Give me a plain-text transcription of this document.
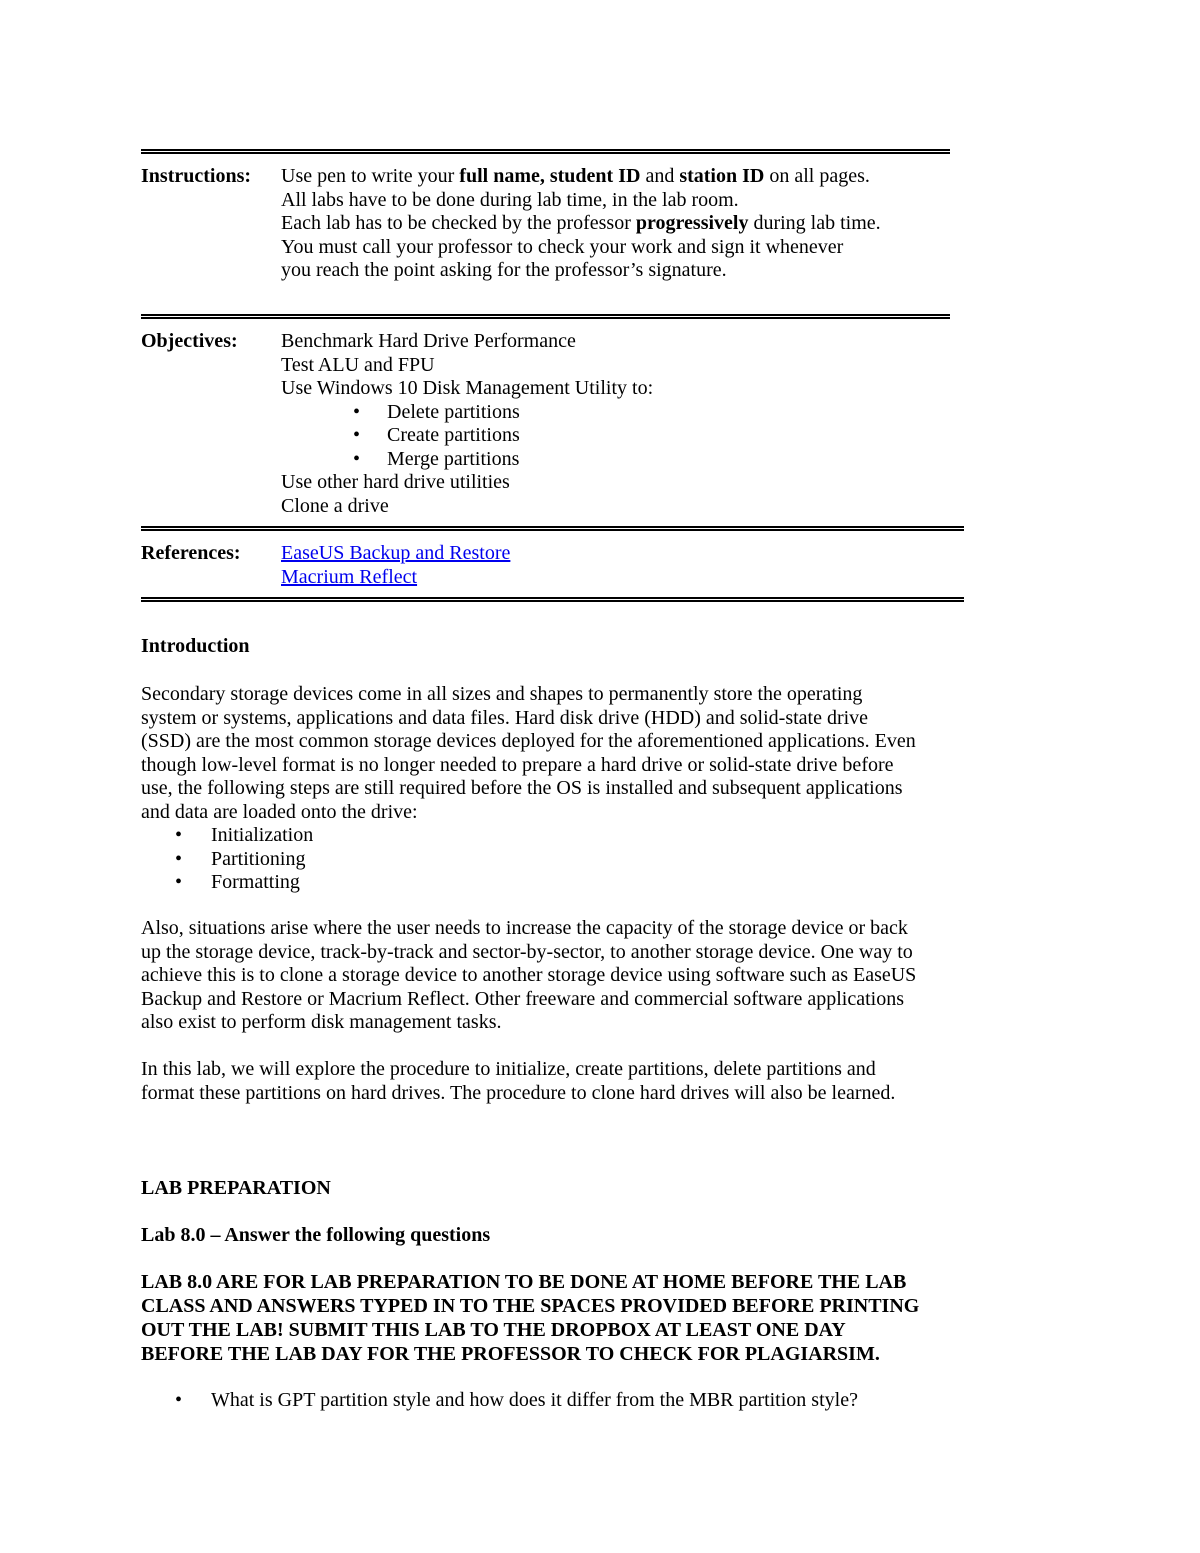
Instructions: Use pen to write your full name, student ID and station ID on all pages.
All labs have to be done during lab time, in the lab room.
Each lab has to be checked by the professor progressively during lab time.
You must call your professor to check your work and sign it whenever
you reach the point asking for the professor’s signature.
Objectives: Benchmark Hard Drive Performance
Test ALU and FPU
Use Windows 10 Disk Management Utility to:
• Delete partitions
• Create partitions
• Merge partitions
Use other hard drive utilities
Clone a drive
References: EaseUS Backup and Restore
Macrium Reflect
Introduction
Secondary storage devices come in all sizes and shapes to permanently store the operating
system or systems, applications and data files. Hard disk drive (HDD) and solid-state drive
(SSD) are the most common storage devices deployed for the aforementioned applications. Even
though low-level format is no longer needed to prepare a hard drive or solid-state drive before
use, the following steps are still required before the OS is installed and subsequent applications
and data are loaded onto the drive:
• Initialization
• Partitioning
• Formatting
Also, situations arise where the user needs to increase the capacity of the storage device or back
up the storage device, track-by-track and sector-by-sector, to another storage device. One way to
achieve this is to clone a storage device to another storage device using software such as EaseUS
Backup and Restore or Macrium Reflect. Other freeware and commercial software applications
also exist to perform disk management tasks.
In this lab, we will explore the procedure to initialize, create partitions, delete partitions and
format these partitions on hard drives. The procedure to clone hard drives will also be learned.
LAB PREPARATION
Lab 8.0 – Answer the following questions
LAB 8.0 ARE FOR LAB PREPARATION TO BE DONE AT HOME BEFORE THE LAB
CLASS AND ANSWERS TYPED IN TO THE SPACES PROVIDED BEFORE PRINTING
OUT THE LAB! SUBMIT THIS LAB TO THE DROPBOX AT LEAST ONE DAY
BEFORE THE LAB DAY FOR THE PROFESSOR TO CHECK FOR PLAGIARSIM.
• What is GPT partition style and how does it differ from the MBR partition style?
